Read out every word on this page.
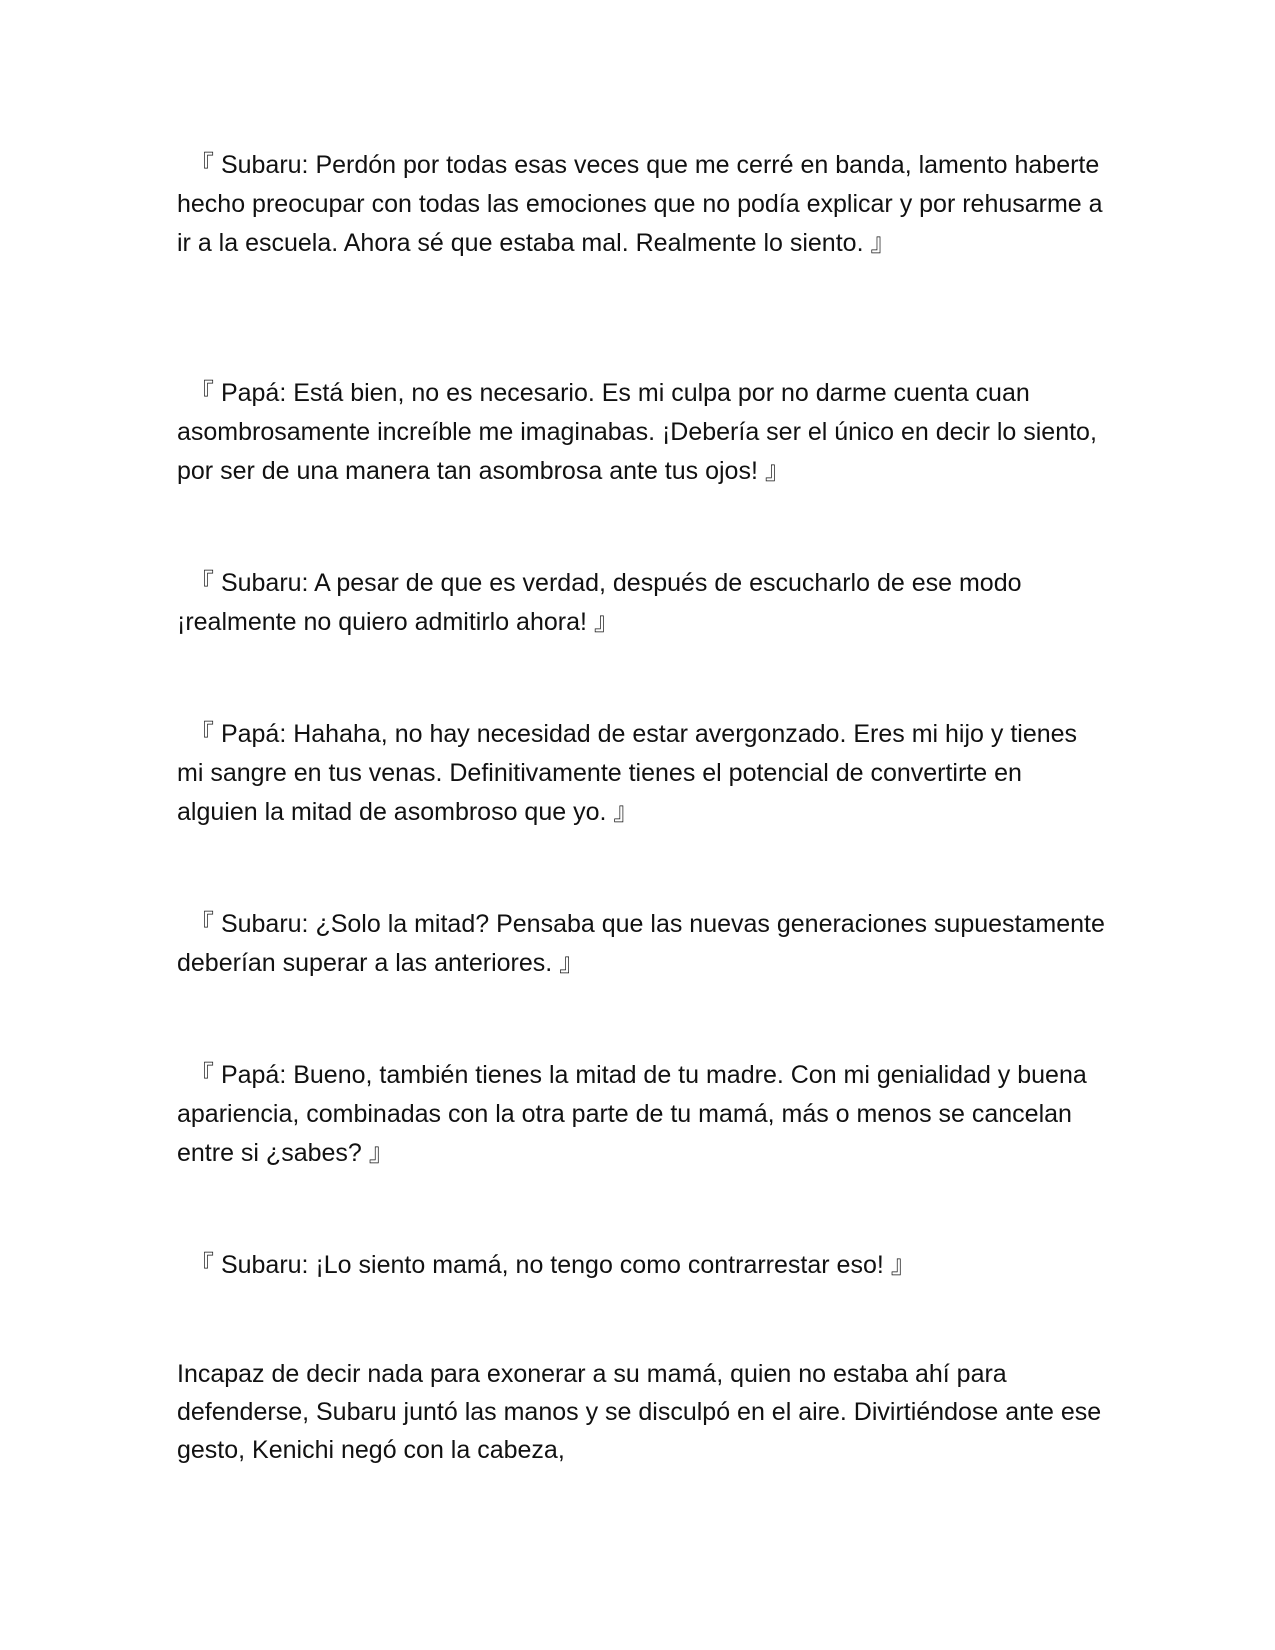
『 Subaru: Perdón por todas esas veces que me cerré en banda, lamento haberte hecho preocupar con todas las emociones que no podía explicar y por rehusarme a ir a la escuela. Ahora sé que estaba mal. Realmente lo siento. 』

『 Papá: Está bien, no es necesario. Es mi culpa por no darme cuenta cuan asombrosamente increíble me imaginabas. ¡Debería ser el único en decir lo siento, por ser de una manera tan asombrosa ante tus ojos! 』

『 Subaru: A pesar de que es verdad, después de escucharlo de ese modo ¡realmente no quiero admitirlo ahora! 』

『 Papá: Hahaha, no hay necesidad de estar avergonzado. Eres mi hijo y tienes mi sangre en tus venas. Definitivamente tienes el potencial de convertirte en alguien la mitad de asombroso que yo. 』

『 Subaru: ¿Solo la mitad? Pensaba que las nuevas generaciones supuestamente deberían superar a las anteriores. 』

『 Papá: Bueno, también tienes la mitad de tu madre. Con mi genialidad y buena apariencia, combinadas con la otra parte de tu mamá, más o menos se cancelan entre si ¿sabes? 』

『 Subaru: ¡Lo siento mamá, no tengo como contrarrestar eso! 』

Incapaz de decir nada para exonerar a su mamá, quien no estaba ahí para defenderse, Subaru juntó las manos y se disculpó en el aire. Divirtiéndose ante ese gesto, Kenichi negó con la cabeza,
